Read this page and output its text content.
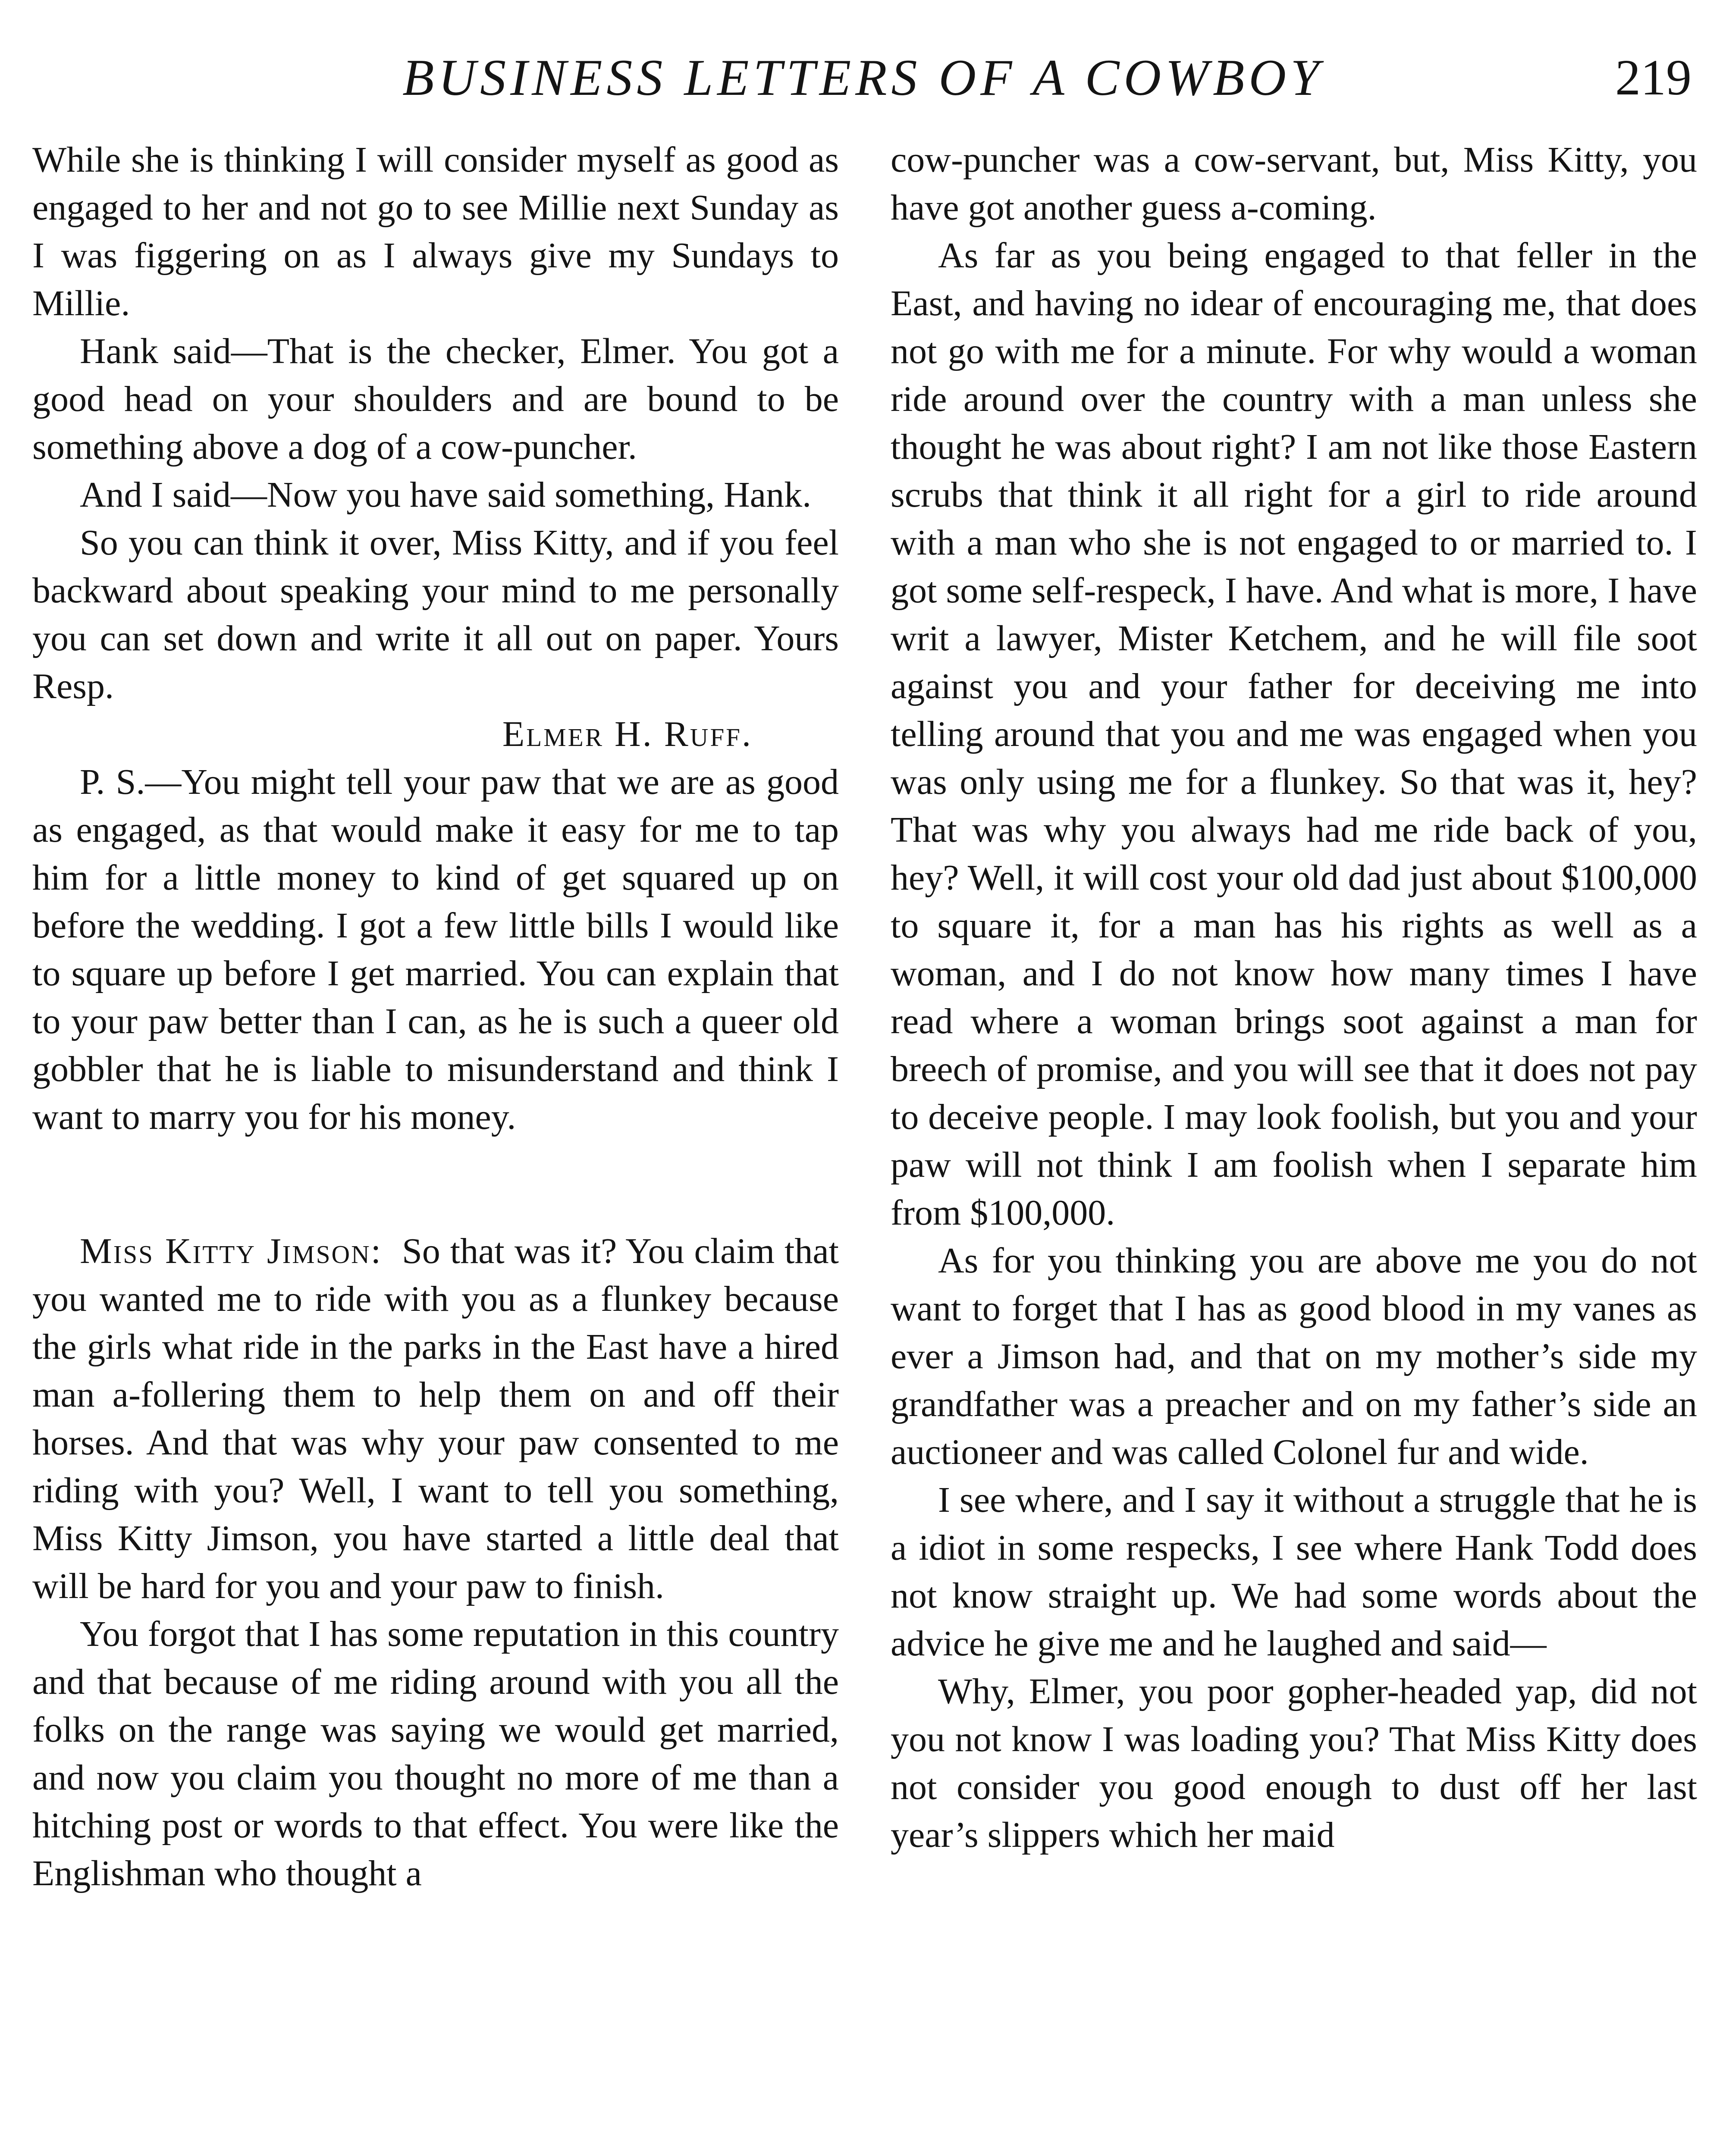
BUSINESS LETTERS OF A COWBOY	219

While she is thinking I will consider myself as good as engaged to her and not go to see Millie next Sunday as I was figgering on as I always give my Sundays to Millie.

Hank said—That is the checker, Elmer. You got a good head on your shoulders and are bound to be something above a dog of a cow-puncher.

And I said—Now you have said something, Hank.

So you can think it over, Miss Kitty, and if you feel backward about speaking your mind to me personally you can set down and write it all out on paper. Yours Resp.

Elmer H. Ruff.

P. S.—You might tell your paw that we are as good as engaged, as that would make it easy for me to tap him for a little money to kind of get squared up on before the wedding. I got a few little bills I would like to square up before I get married. You can explain that to your paw better than I can, as he is such a queer old gobbler that he is liable to misunderstand and think I want to marry you for his money.

Miss Kitty Jimson: So that was it? You claim that you wanted me to ride with you as a flunkey because the girls what ride in the parks in the East have a hired man a-follering them to help them on and off their horses. And that was why your paw consented to me riding with you? Well, I want to tell you something, Miss Kitty Jimson, you have started a little deal that will be hard for you and your paw to finish.

You forgot that I has some reputation in this country and that because of me riding around with you all the folks on the range was saying we would get married, and now you claim you thought no more of me than a hitching post or words to that effect. You were like the Englishman who thought a

cow-puncher was a cow-servant, but, Miss Kitty, you have got another guess a-coming.

As far as you being engaged to that feller in the East, and having no idear of encouraging me, that does not go with me for a minute. For why would a woman ride around over the country with a man unless she thought he was about right? I am not like those Eastern scrubs that think it all right for a girl to ride around with a man who she is not engaged to or married to. I got some self-respeck, I have. And what is more, I have writ a lawyer, Mister Ketchem, and he will file soot against you and your father for deceiving me into telling around that you and me was engaged when you was only using me for a flunkey. So that was it, hey? That was why you always had me ride back of you, hey? Well, it will cost your old dad just about $100,000 to square it, for a man has his rights as well as a woman, and I do not know how many times I have read where a woman brings soot against a man for breech of promise, and you will see that it does not pay to deceive people. I may look foolish, but you and your paw will not think I am foolish when I separate him from $100,000.

As for you thinking you are above me you do not want to forget that I has as good blood in my vanes as ever a Jimson had, and that on my mother’s side my grandfather was a preacher and on my father’s side an auctioneer and was called Colonel fur and wide.

I see where, and I say it without a struggle that he is a idiot in some respecks, I see where Hank Todd does not know straight up. We had some words about the advice he give me and he laughed and said—

Why, Elmer, you poor gopher-headed yap, did not you not know I was loading you? That Miss Kitty does not consider you good enough to dust off her last year’s slippers which her maid
